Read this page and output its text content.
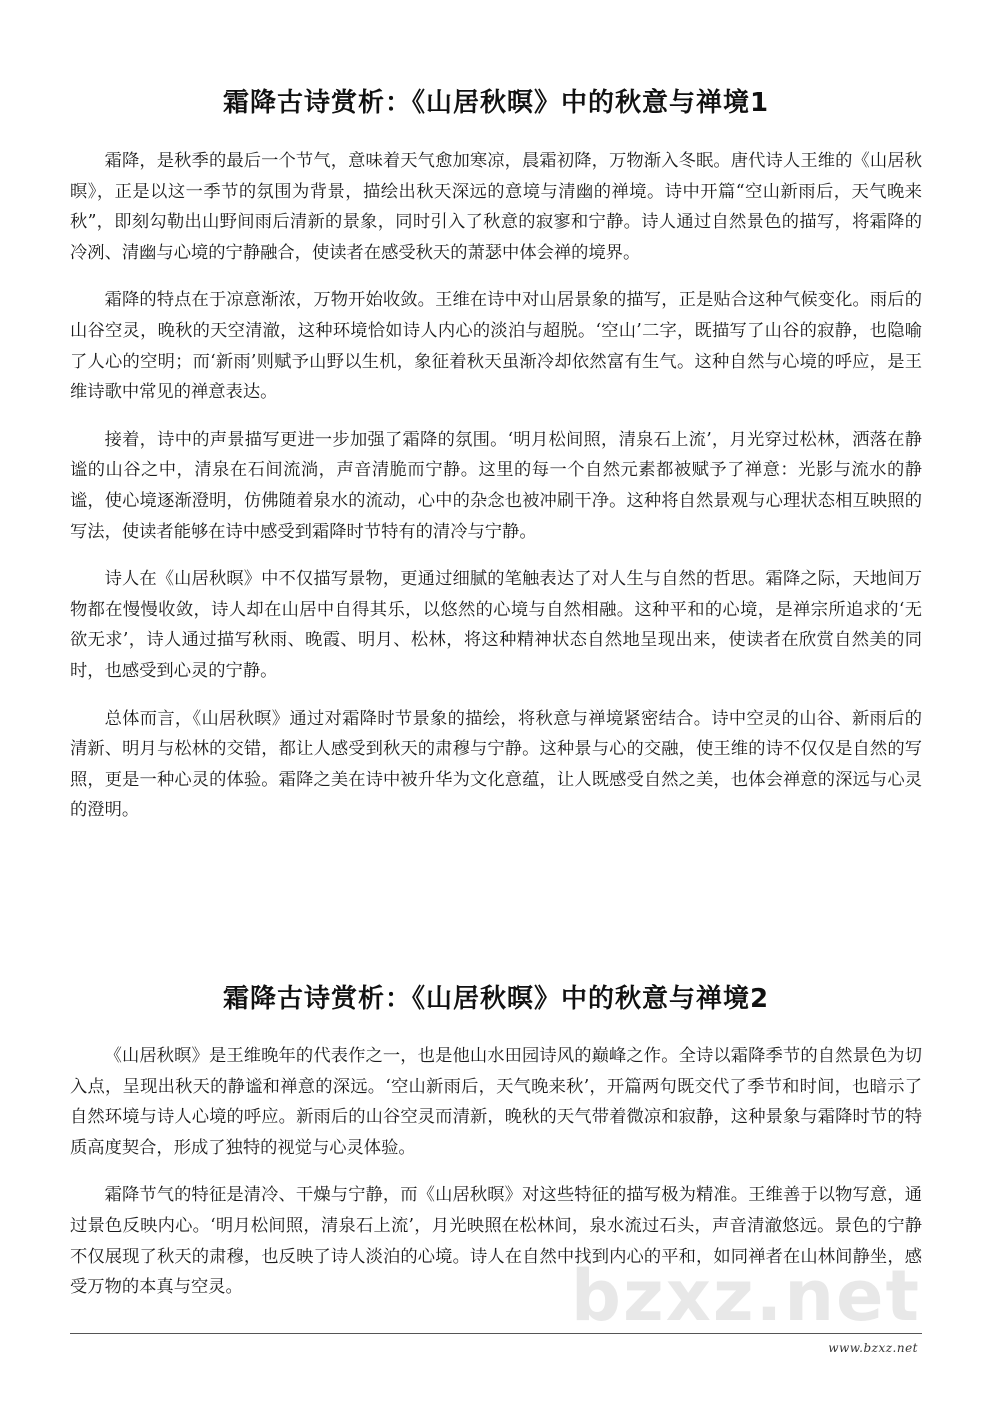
霜降古诗赏析：《山居秋暝》中的秋意与禅境1

霜降，是秋季的最后一个节气，意味着天气愈加寒凉，晨霜初降，万物渐入冬眠。唐代诗人王维的《山居秋暝》，正是以这一季节的氛围为背景，描绘出秋天深远的意境与清幽的禅境。诗中开篇“空山新雨后，天气晚来秋”，即刻勾勒出山野间雨后清新的景象，同时引入了秋意的寂寥和宁静。诗人通过自然景色的描写，将霜降的冷冽、清幽与心境的宁静融合，使读者在感受秋天的萧瑟中体会禅的境界。

霜降的特点在于凉意渐浓，万物开始收敛。王维在诗中对山居景象的描写，正是贴合这种气候变化。雨后的山谷空灵，晚秋的天空清澈，这种环境恰如诗人内心的淡泊与超脱。‘空山’二字，既描写了山谷的寂静，也隐喻了人心的空明；而‘新雨’则赋予山野以生机，象征着秋天虽渐冷却依然富有生气。这种自然与心境的呼应，是王维诗歌中常见的禅意表达。

接着，诗中的声景描写更进一步加强了霜降的氛围。‘明月松间照，清泉石上流’，月光穿过松林，洒落在静谧的山谷之中，清泉在石间流淌，声音清脆而宁静。这里的每一个自然元素都被赋予了禅意：光影与流水的静谧，使心境逐渐澄明，仿佛随着泉水的流动，心中的杂念也被冲刷干净。这种将自然景观与心理状态相互映照的写法，使读者能够在诗中感受到霜降时节特有的清冷与宁静。

诗人在《山居秋暝》中不仅描写景物，更通过细腻的笔触表达了对人生与自然的哲思。霜降之际，天地间万物都在慢慢收敛，诗人却在山居中自得其乐，以悠然的心境与自然相融。这种平和的心境，是禅宗所追求的‘无欲无求’，诗人通过描写秋雨、晚霞、明月、松林，将这种精神状态自然地呈现出来，使读者在欣赏自然美的同时，也感受到心灵的宁静。

总体而言，《山居秋暝》通过对霜降时节景象的描绘，将秋意与禅境紧密结合。诗中空灵的山谷、新雨后的清新、明月与松林的交错，都让人感受到秋天的肃穆与宁静。这种景与心的交融，使王维的诗不仅仅是自然的写照，更是一种心灵的体验。霜降之美在诗中被升华为文化意蕴，让人既感受自然之美，也体会禅意的深远与心灵的澄明。

霜降古诗赏析：《山居秋暝》中的秋意与禅境2

《山居秋暝》是王维晚年的代表作之一，也是他山水田园诗风的巅峰之作。全诗以霜降季节的自然景色为切入点，呈现出秋天的静谧和禅意的深远。‘空山新雨后，天气晚来秋’，开篇两句既交代了季节和时间，也暗示了自然环境与诗人心境的呼应。新雨后的山谷空灵而清新，晚秋的天气带着微凉和寂静，这种景象与霜降时节的特质高度契合，形成了独特的视觉与心灵体验。

霜降节气的特征是清冷、干燥与宁静，而《山居秋暝》对这些特征的描写极为精准。王维善于以物写意，通过景色反映内心。‘明月松间照，清泉石上流’，月光映照在松林间，泉水流过石头，声音清澈悠远。景色的宁静不仅展现了秋天的肃穆，也反映了诗人淡泊的心境。诗人在自然中找到内心的平和，如同禅者在山林间静坐，感受万物的本真与空灵。	bzxz.net
www.bzxz.net
